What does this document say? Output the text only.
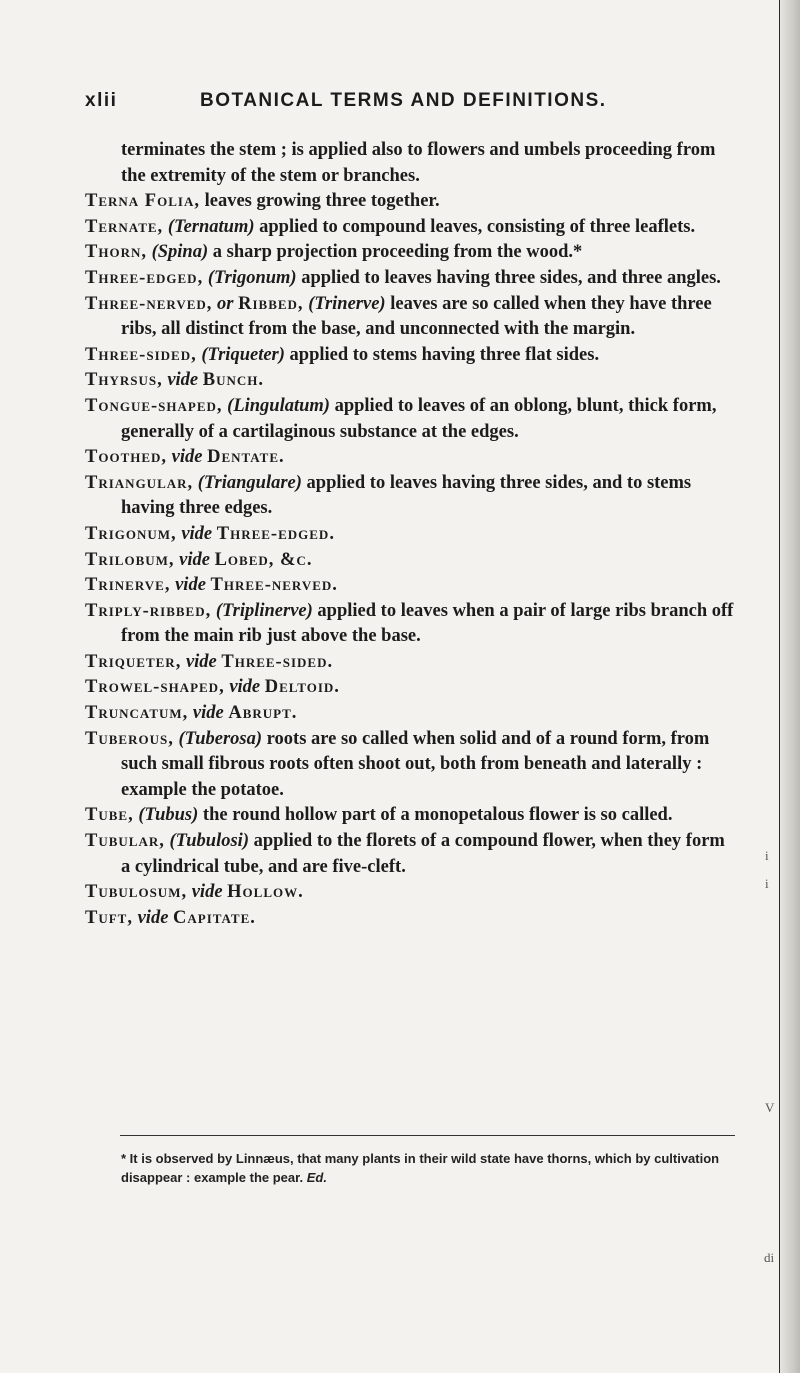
i
i
V
di
xlii	BOTANICAL TERMS AND DEFINITIONS.

terminates the stem ; is applied also to flowers and umbels proceeding from the extremity of the stem or branches.

Terna Folia, leaves growing three together.

Ternate, (Ternatum) applied to compound leaves, consisting of three leaflets.

Thorn, (Spina) a sharp projection proceeding from the wood.*

Three-edged, (Trigonum) applied to leaves having three sides, and three angles.

Three-nerved, or Ribbed, (Trinerve) leaves are so called when they have three ribs, all distinct from the base, and unconnected with the margin.

Three-sided, (Triqueter) applied to stems having three flat sides.

Thyrsus, vide Bunch.

Tongue-shaped, (Lingulatum) applied to leaves of an oblong, blunt, thick form, generally of a cartilaginous substance at the edges.

Toothed, vide Dentate.

Triangular, (Triangulare) applied to leaves having three sides, and to stems having three edges.

Trigonum, vide Three-edged.

Trilobum, vide Lobed, &c.

Trinerve, vide Three-nerved.

Triply-ribbed, (Triplinerve) applied to leaves when a pair of large ribs branch off from the main rib just above the base.

Triqueter, vide Three-sided.

Trowel-shaped, vide Deltoid.

Truncatum, vide Abrupt.

Tuberous, (Tuberosa) roots are so called when solid and of a round form, from such small fibrous roots often shoot out, both from beneath and laterally : example the potatoe.

Tube, (Tubus) the round hollow part of a monopetalous flower is so called.

Tubular, (Tubulosi) applied to the florets of a compound flower, when they form a cylindrical tube, and are five-cleft.

Tubulosum, vide Hollow.

Tuft, vide Capitate.

* It is observed by Linnæus, that many plants in their wild state have thorns, which by cultivation disappear : example the pear. Ed.
